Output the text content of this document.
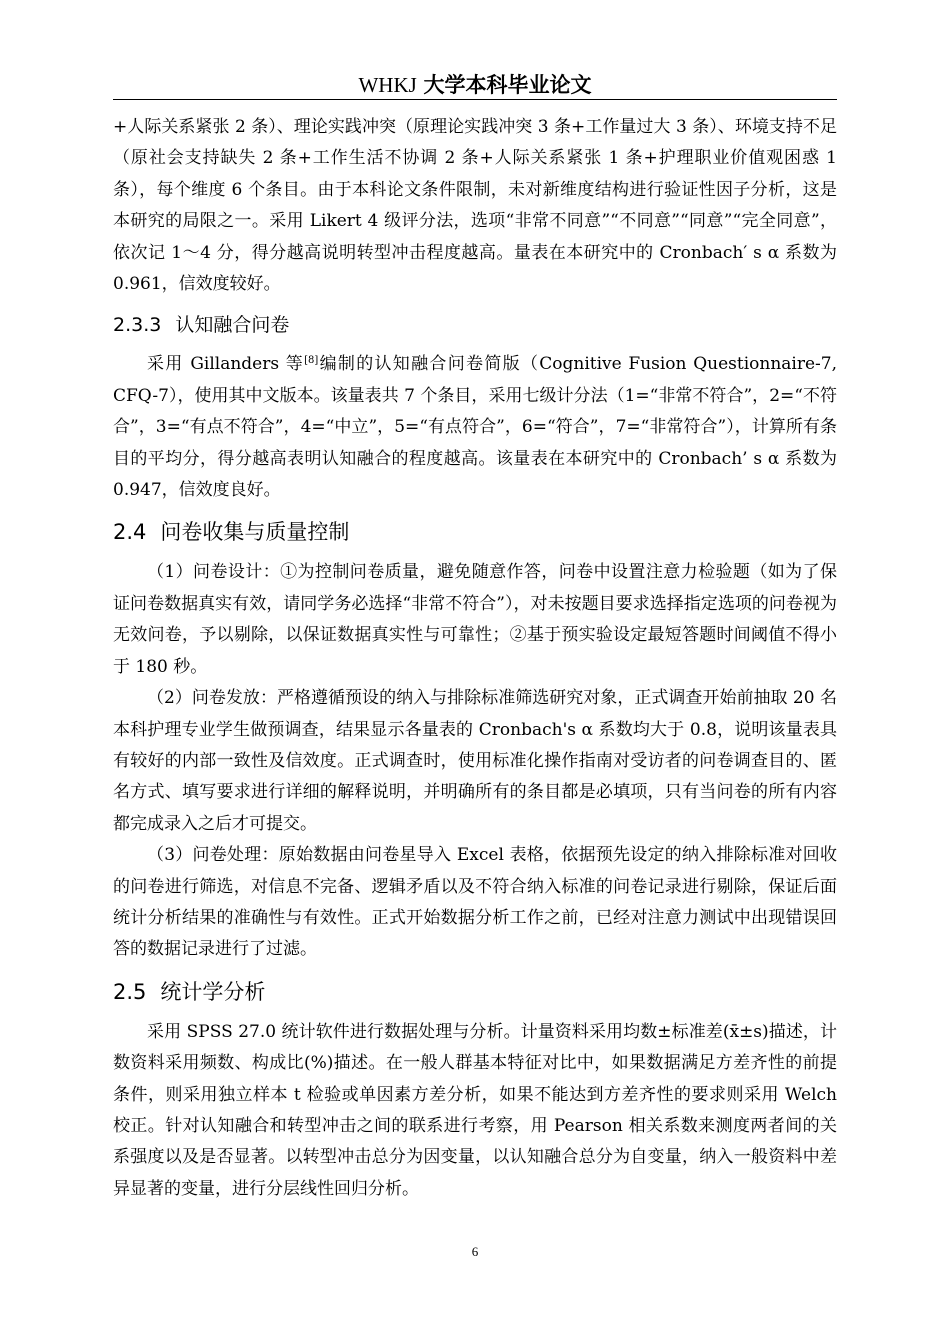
WHKJ 大学本科毕业论文

+人际关系紧张 2 条）、理论实践冲突（原理论实践冲突 3 条+工作量过大 3 条）、环境支持不足（原社会支持缺失 2 条+工作生活不协调 2 条+人际关系紧张 1 条+护理职业价值观困惑 1 条），每个维度 6 个条目。由于本科论文条件限制，未对新维度结构进行验证性因子分析，这是本研究的局限之一。采用 Likert 4 级评分法，选项“非常不同意”“不同意”“同意”“完全同意”，依次记 1～4 分，得分越高说明转型冲击程度越高。量表在本研究中的 Cronbach′ s α 系数为 0.961，信效度较好。

2.3.3 认知融合问卷

采用 Gillanders 等[8]编制的认知融合问卷简版（Cognitive Fusion Questionnaire-7, CFQ-7），使用其中文版本。该量表共 7 个条目，采用七级计分法（1=“非常不符合”，2=“不符合”，3=“有点不符合”，4=“中立”，5=“有点符合”，6=“符合”，7=“非常符合”），计算所有条目的平均分，得分越高表明认知融合的程度越高。该量表在本研究中的 Cronbach’ s α 系数为 0.947，信效度良好。

2.4 问卷收集与质量控制

（1）问卷设计：①为控制问卷质量，避免随意作答，问卷中设置注意力检验题（如为了保证问卷数据真实有效，请同学务必选择“非常不符合”），对未按题目要求选择指定选项的问卷视为无效问卷，予以剔除，以保证数据真实性与可靠性；②基于预实验设定最短答题时间阈值不得小于 180 秒。

（2）问卷发放：严格遵循预设的纳入与排除标准筛选研究对象，正式调查开始前抽取 20 名本科护理专业学生做预调查，结果显示各量表的 Cronbach's α 系数均大于 0.8，说明该量表具有较好的内部一致性及信效度。正式调查时，使用标准化操作指南对受访者的问卷调查目的、匿名方式、填写要求进行详细的解释说明，并明确所有的条目都是必填项，只有当问卷的所有内容都完成录入之后才可提交。

（3）问卷处理：原始数据由问卷星导入 Excel 表格，依据预先设定的纳入排除标准对回收的问卷进行筛选，对信息不完备、逻辑矛盾以及不符合纳入标准的问卷记录进行剔除，保证后面统计分析结果的准确性与有效性。正式开始数据分析工作之前，已经对注意力测试中出现错误回答的数据记录进行了过滤。

2.5 统计学分析

采用 SPSS 27.0 统计软件进行数据处理与分析。计量资料采用均数±标准差(x̄±s)描述，计数资料采用频数、构成比(%)描述。在一般人群基本特征对比中，如果数据满足方差齐性的前提条件，则采用独立样本 t 检验或单因素方差分析，如果不能达到方差齐性的要求则采用 Welch 校正。针对认知融合和转型冲击之间的联系进行考察，用 Pearson 相关系数来测度两者间的关系强度以及是否显著。以转型冲击总分为因变量，以认知融合总分为自变量，纳入一般资料中差异显著的变量，进行分层线性回归分析。

6
